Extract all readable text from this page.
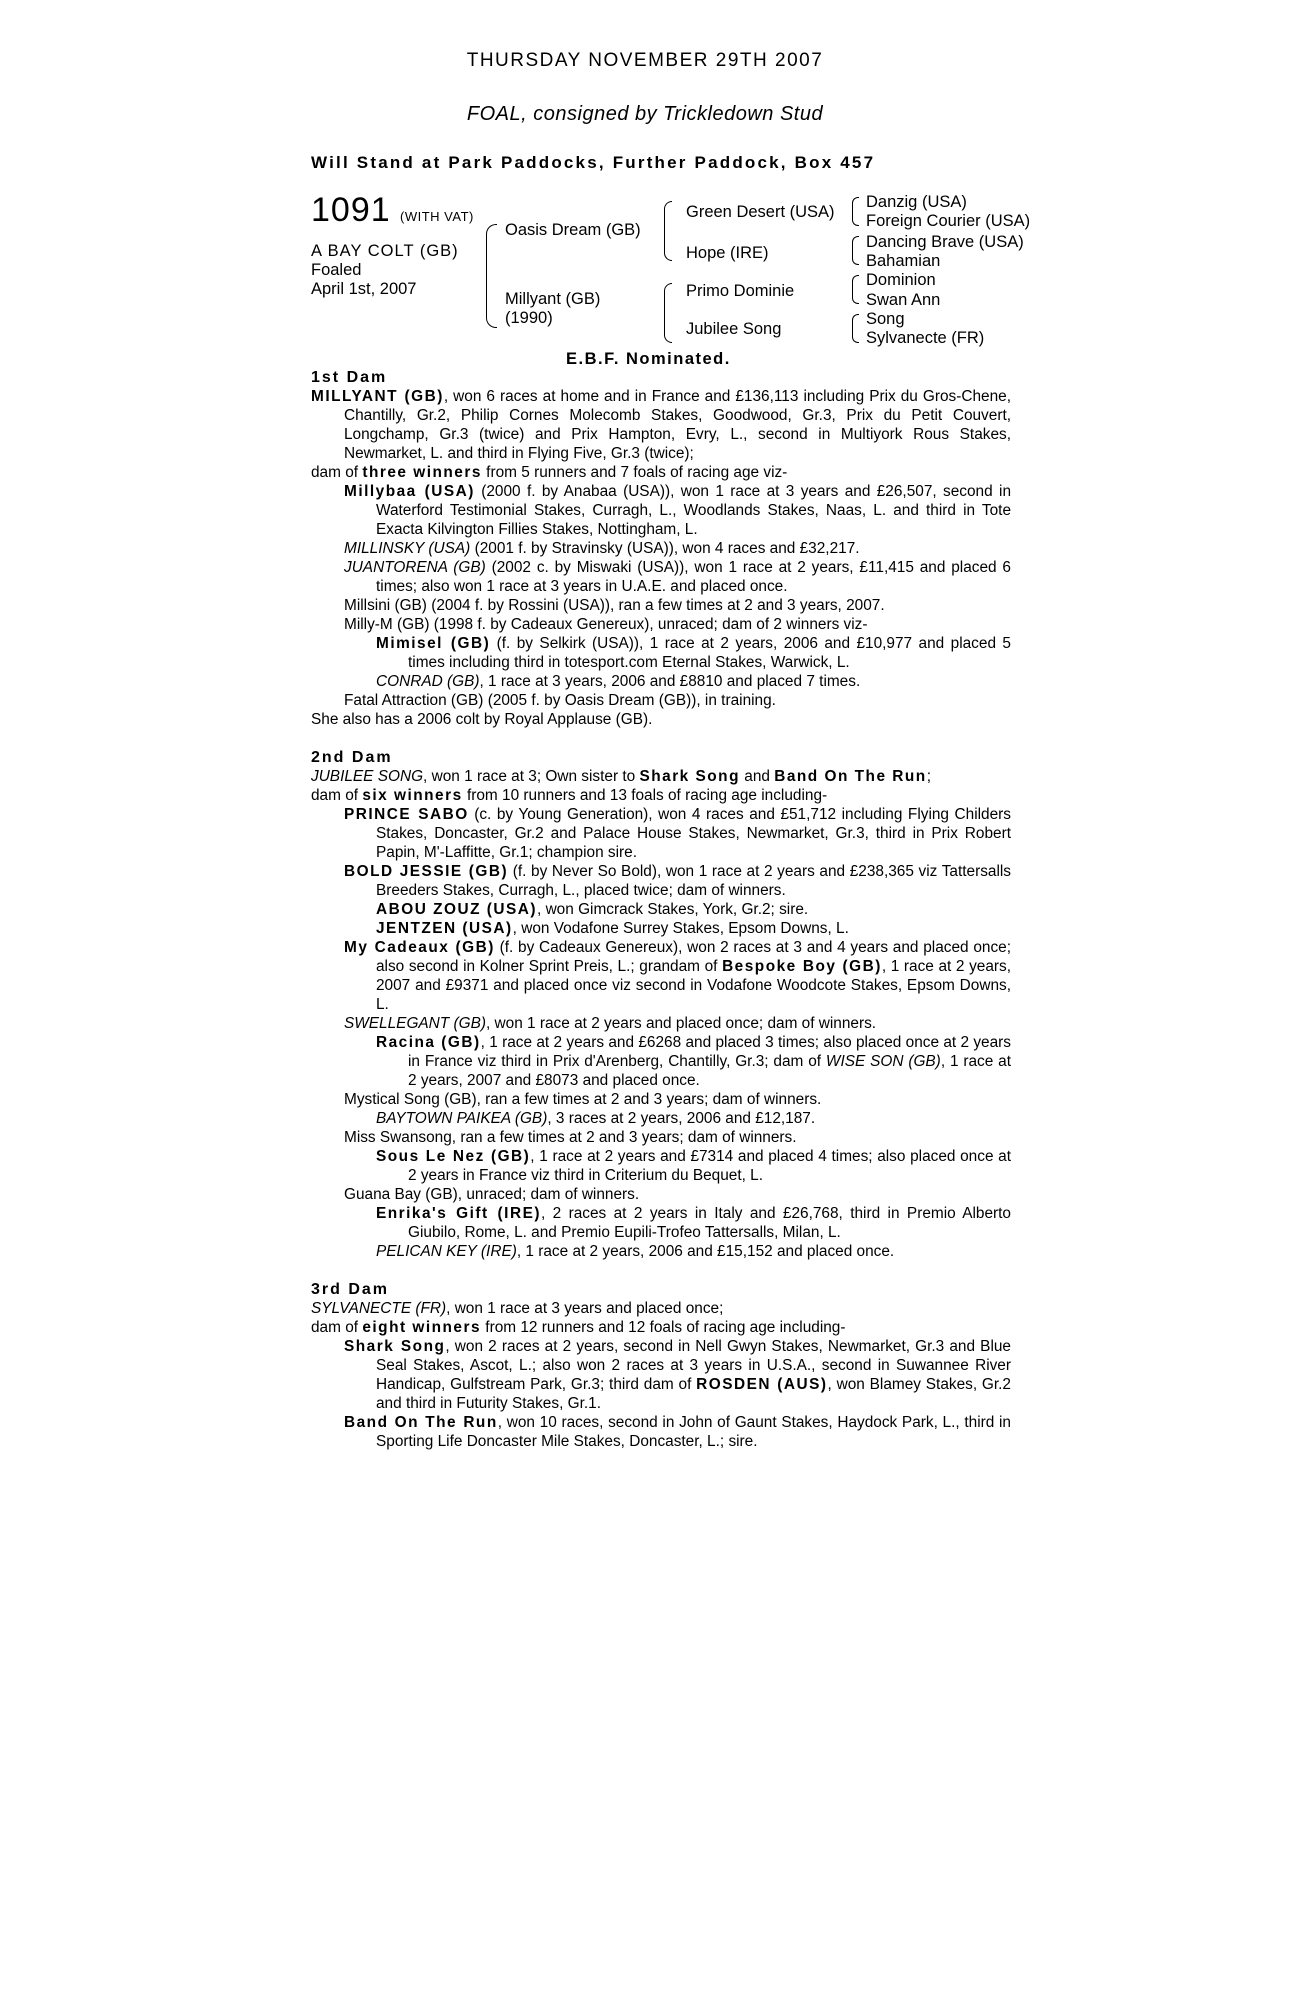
THURSDAY NOVEMBER 29TH 2007
FOAL, consigned by Trickledown Stud
Will Stand at Park Paddocks, Further Paddock, Box 457
1091 (WITH VAT)
A BAY COLT (GB)
Foaled
April 1st, 2007
Oasis Dream (GB)
Millyant (GB)
(1990)
Green Desert (USA)
Hope (IRE)
Primo Dominie
Jubilee Song
Danzig (USA)
Foreign Courier (USA)
Dancing Brave (USA)
Bahamian
Dominion
Swan Ann
Song
Sylvanecte (FR)
E.B.F. Nominated.

1st Dam

MILLYANT (GB), won 6 races at home and in France and £136,113 including Prix du Gros-Chene, Chantilly, Gr.2, Philip Cornes Molecomb Stakes, Goodwood, Gr.3, Prix du Petit Couvert, Longchamp, Gr.3 (twice) and Prix Hampton, Evry, L., second in Multiyork Rous Stakes, Newmarket, L. and third in Flying Five, Gr.3 (twice);

dam of three winners from 5 runners and 7 foals of racing age viz-

Millybaa (USA) (2000 f. by Anabaa (USA)), won 1 race at 3 years and £26,507, second in Waterford Testimonial Stakes, Curragh, L., Woodlands Stakes, Naas, L. and third in Tote Exacta Kilvington Fillies Stakes, Nottingham, L.

MILLINSKY (USA) (2001 f. by Stravinsky (USA)), won 4 races and £32,217.

JUANTORENA (GB) (2002 c. by Miswaki (USA)), won 1 race at 2 years, £11,415 and placed 6 times; also won 1 race at 3 years in U.A.E. and placed once.

Millsini (GB) (2004 f. by Rossini (USA)), ran a few times at 2 and 3 years, 2007.

Milly-M (GB) (1998 f. by Cadeaux Genereux), unraced; dam of 2 winners viz-

Mimisel (GB) (f. by Selkirk (USA)), 1 race at 2 years, 2006 and £10,977 and placed 5 times including third in totesport.com Eternal Stakes, Warwick, L.

CONRAD (GB), 1 race at 3 years, 2006 and £8810 and placed 7 times.

Fatal Attraction (GB) (2005 f. by Oasis Dream (GB)), in training.

She also has a 2006 colt by Royal Applause (GB).

2nd Dam

JUBILEE SONG, won 1 race at 3; Own sister to Shark Song and Band On The Run;

dam of six winners from 10 runners and 13 foals of racing age including-

PRINCE SABO (c. by Young Generation), won 4 races and £51,712 including Flying Childers Stakes, Doncaster, Gr.2 and Palace House Stakes, Newmarket, Gr.3, third in Prix Robert Papin, M'-Laffitte, Gr.1; champion sire.

BOLD JESSIE (GB) (f. by Never So Bold), won 1 race at 2 years and £238,365 viz Tattersalls Breeders Stakes, Curragh, L., placed twice; dam of winners.

ABOU ZOUZ (USA), won Gimcrack Stakes, York, Gr.2; sire.

JENTZEN (USA), won Vodafone Surrey Stakes, Epsom Downs, L.

My Cadeaux (GB) (f. by Cadeaux Genereux), won 2 races at 3 and 4 years and placed once; also second in Kolner Sprint Preis, L.; grandam of Bespoke Boy (GB), 1 race at 2 years, 2007 and £9371 and placed once viz second in Vodafone Woodcote Stakes, Epsom Downs, L.

SWELLEGANT (GB), won 1 race at 2 years and placed once; dam of winners.

Racina (GB), 1 race at 2 years and £6268 and placed 3 times; also placed once at 2 years in France viz third in Prix d'Arenberg, Chantilly, Gr.3; dam of WISE SON (GB), 1 race at 2 years, 2007 and £8073 and placed once.

Mystical Song (GB), ran a few times at 2 and 3 years; dam of winners.

BAYTOWN PAIKEA (GB), 3 races at 2 years, 2006 and £12,187.

Miss Swansong, ran a few times at 2 and 3 years; dam of winners.

Sous Le Nez (GB), 1 race at 2 years and £7314 and placed 4 times; also placed once at 2 years in France viz third in Criterium du Bequet, L.

Guana Bay (GB), unraced; dam of winners.

Enrika's Gift (IRE), 2 races at 2 years in Italy and £26,768, third in Premio Alberto Giubilo, Rome, L. and Premio Eupili-Trofeo Tattersalls, Milan, L.

PELICAN KEY (IRE), 1 race at 2 years, 2006 and £15,152 and placed once.

3rd Dam

SYLVANECTE (FR), won 1 race at 3 years and placed once;

dam of eight winners from 12 runners and 12 foals of racing age including-

Shark Song, won 2 races at 2 years, second in Nell Gwyn Stakes, Newmarket, Gr.3 and Blue Seal Stakes, Ascot, L.; also won 2 races at 3 years in U.S.A., second in Suwannee River Handicap, Gulfstream Park, Gr.3; third dam of ROSDEN (AUS), won Blamey Stakes, Gr.2 and third in Futurity Stakes, Gr.1.

Band On The Run, won 10 races, second in John of Gaunt Stakes, Haydock Park, L., third in Sporting Life Doncaster Mile Stakes, Doncaster, L.; sire.
